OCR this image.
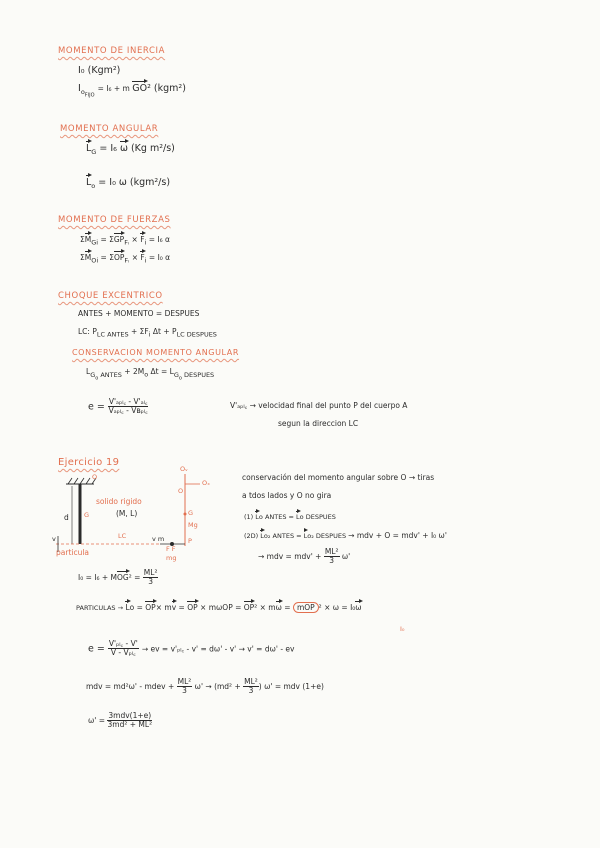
MOMENTO DE INERCIA
I₀ (Kgm²)
$I_{o_{FIJO}} = I_6 + m$ GO² (kgm²)
MOMENTO ANGULAR
$L_G = I_6$ ω (Kg m²/s)
$L_o = I_0$ ω (kgm²/s)
MOMENTO DE FUERZAS
$\Sigma M_{Gi} = \Sigma GP_{Fᵢ} \times F_i = I_6$ α
$\Sigma M_{Oi} = \Sigma OP_{Fᵢ} \times F_i = I_0$ α
CHOQUE EXCENTRICO
ANTES + MOMENTO = DESPUES
LC: $P_{LC ANTES} + \Sigma F_i$ $\Delta t + P_{LC DESPUES}$
CONSERVACION MOMENTO ANGULAR
$L_{G_o ANTES} + 2M_o$ $\Delta t = L_{G_o DESPUES}$
e = V'ₐₚₗ꜀ - V'ₐₗ꜀
Vₐₚₗ꜀ - Vʙₚₗ꜀
V'ₐₚₗ꜀ → velocidad final del punto P del cuerpo A
segun la direccion LC
Ejercicio 19
O
solido rigido
(M, L)
G
d
LC
v
particula
Oᵥ
Oₓ
O
G
Mg
P
v m
F F
mg
$I_0 = I_6 + MOG^2 = \frac{\text{ML²}}{3}$
conservación del momento angular sobre O → tiras
a tdos lados y O no gira
(1) Lo ANTES = Lo DESPUES
(2D) Lo₂ ANTES = Lo₂ DESPUES → mdv + O = mdv' + I₀ ω'
→ mdv = $mdv' + \frac{\text{ML²}}{3} \omega'$
PARTICULAS → Lo = OP× mv = OP × mωOP = OP² × mω = mOP ² × ω = I₀ω
I₀
e = V'ₚₗ꜀ - V'
V - Vₚₗ꜀ → ev = v'ₚₗ꜀ - v' = dω' - v' → v' = dω' - ev
mdv = md²ω' - mdev + $\frac{\text{ML²}}{3} \omega' \to (md^2 + \frac{\text{ML²}}{3}$ ) ω' = mdv (1+e)
ω' =
3mdv(1+e)
3md² + ML²
